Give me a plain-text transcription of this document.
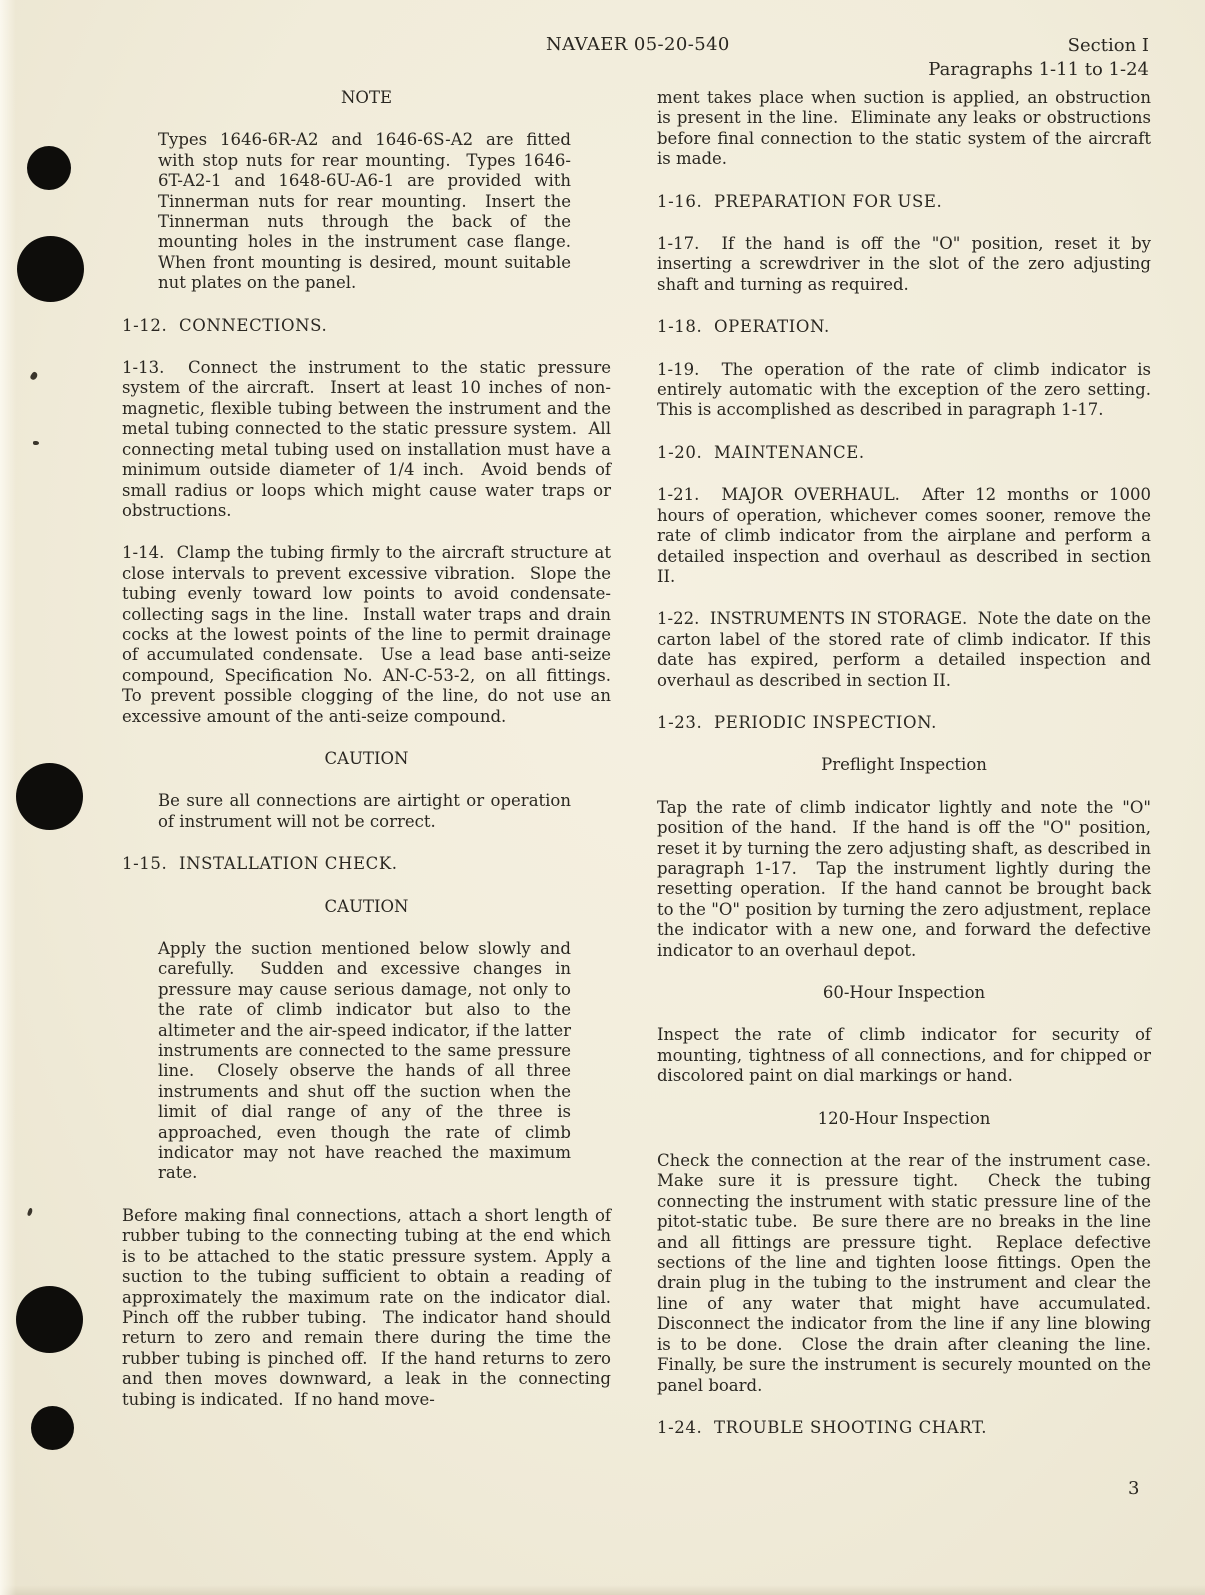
NAVAER 05-20-540	Section I
Paragraphs 1-11 to 1-24

NOTE

Types 1646-6R-A2 and 1646-6S-A2 are fitted with stop nuts for rear mounting.  Types 1646-6T-A2-1 and 1648-6U-A6-1 are provided with Tinnerman nuts for rear mounting.  Insert the Tinnerman nuts through the back of the mounting holes in the instrument case flange.  When front mounting is desired, mount suitable nut plates on the panel.

1-12.  CONNECTIONS.

1-13.  Connect the instrument to the static pressure system of the aircraft.  Insert at least 10 inches of non-magnetic, flexible tubing between the instrument and the metal tubing connected to the static pressure system.  All connecting metal tubing used on installation must have a minimum outside diameter of 1/4 inch.  Avoid bends of small radius or loops which might cause water traps or obstructions.

1-14.  Clamp the tubing firmly to the aircraft structure at close intervals to prevent excessive vibration.  Slope the tubing evenly toward low points to avoid condensate-collecting sags in the line.  Install water traps and drain cocks at the lowest points of the line to permit drainage of accumulated condensate.  Use a lead base anti-seize compound, Specification No. AN-C-53-2, on all fittings.  To prevent possible clogging of the line, do not use an excessive amount of the anti-seize compound.

CAUTION

Be sure all connections are airtight or operation of instrument will not be correct.

1-15.  INSTALLATION CHECK.

CAUTION

Apply the suction mentioned below slowly and carefully.  Sudden and excessive changes in pressure may cause serious damage, not only to the rate of climb indicator but also to the altimeter and the air-speed indicator, if the latter instruments are connected to the same pressure line.  Closely observe the hands of all three instruments and shut off the suction when the limit of dial range of any of the three is approached, even though the rate of climb indicator may not have reached the maximum rate.

Before making final connections, attach a short length of rubber tubing to the connecting tubing at the end which is to be attached to the static pressure system. Apply a suction to the tubing sufficient to obtain a reading of approximately the maximum rate on the indicator dial.  Pinch off the rubber tubing.  The indicator hand should return to zero and remain there during the time the rubber tubing is pinched off.  If the hand returns to zero and then moves downward, a leak in the connecting tubing is indicated.  If no hand move-

ment takes place when suction is applied, an obstruction is present in the line.  Eliminate any leaks or obstructions before final connection to the static system of the aircraft is made.

1-16.  PREPARATION FOR USE.

1-17.  If the hand is off the "O" position, reset it by inserting a screwdriver in the slot of the zero adjusting shaft and turning as required.

1-18.  OPERATION.

1-19.  The operation of the rate of climb indicator is entirely automatic with the exception of the zero setting.  This is accomplished as described in paragraph 1-17.

1-20.  MAINTENANCE.

1-21.  MAJOR OVERHAUL.  After 12 months or 1000 hours of operation, whichever comes sooner, remove the rate of climb indicator from the airplane and perform a detailed inspection and overhaul as described in section II.

1-22.  INSTRUMENTS IN STORAGE.  Note the date on the carton label of the stored rate of climb indicator. If this date has expired, perform a detailed inspection and overhaul as described in section II.

1-23.  PERIODIC INSPECTION.

Preflight Inspection

Tap the rate of climb indicator lightly and note the "O" position of the hand.  If the hand is off the "O" position, reset it by turning the zero adjusting shaft, as described in paragraph 1-17.  Tap the instrument lightly during the resetting operation.  If the hand cannot be brought back to the "O" position by turning the zero adjustment, replace the indicator with a new one, and forward the defective indicator to an overhaul depot.

60-Hour Inspection

Inspect the rate of climb indicator for security of mounting, tightness of all connections, and for chipped or discolored paint on dial markings or hand.

120-Hour Inspection

Check the connection at the rear of the instrument case. Make sure it is pressure tight.  Check the tubing connecting the instrument with static pressure line of the pitot-static tube.  Be sure there are no breaks in the line and all fittings are pressure tight.  Replace defective sections of the line and tighten loose fittings. Open the drain plug in the tubing to the instrument and clear the line of any water that might have accumulated. Disconnect the indicator from the line if any line blowing is to be done.  Close the drain after cleaning the line.  Finally, be sure the instrument is securely mounted on the panel board.

1-24.  TROUBLE SHOOTING CHART.

3
